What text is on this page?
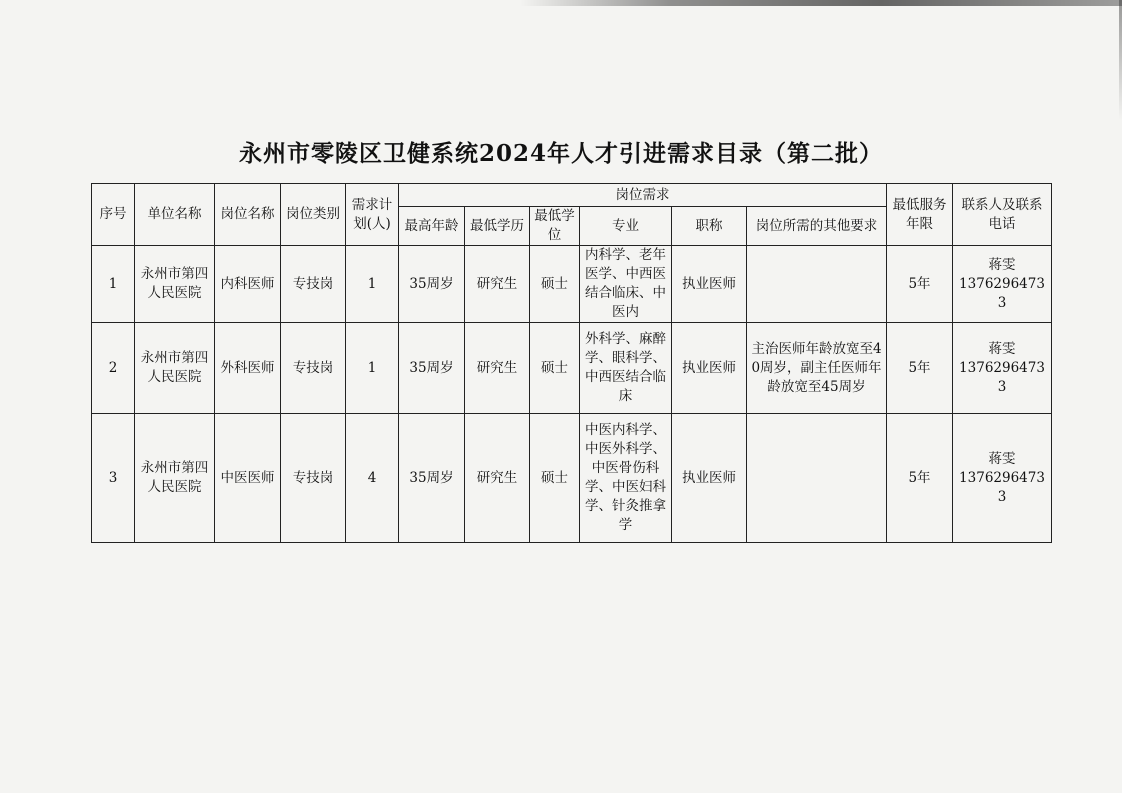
永州市零陵区卫健系统2024年人才引进需求目录（第二批）
序号	单位名称	岗位名称	岗位类别	需求计划(人)	岗位需求						最低服务年限	联系人及联系电话
					最高年龄	最低学历	最低学位	专业	职称	岗位所需的其他要求		
1	永州市第四人民医院	内科医师	专技岗	1	35周岁	研究生	硕士	内科学、老年医学、中西医结合临床、中医内	执业医师		5年	蒋雯
13762964733

2	永州市第四人民医院	外科医师	专技岗	1	35周岁	研究生	硕士	外科学、麻醉学、眼科学、中西医结合临床	执业医师	主治医师年龄放宽至40周岁，副主任医师年龄放宽至45周岁	5年	蒋雯
13762964733

3	永州市第四人民医院	中医医师	专技岗	4	35周岁	研究生	硕士	中医内科学、中医外科学、中医骨伤科学、中医妇科学、针灸推拿学	执业医师		5年	蒋雯
13762964733
